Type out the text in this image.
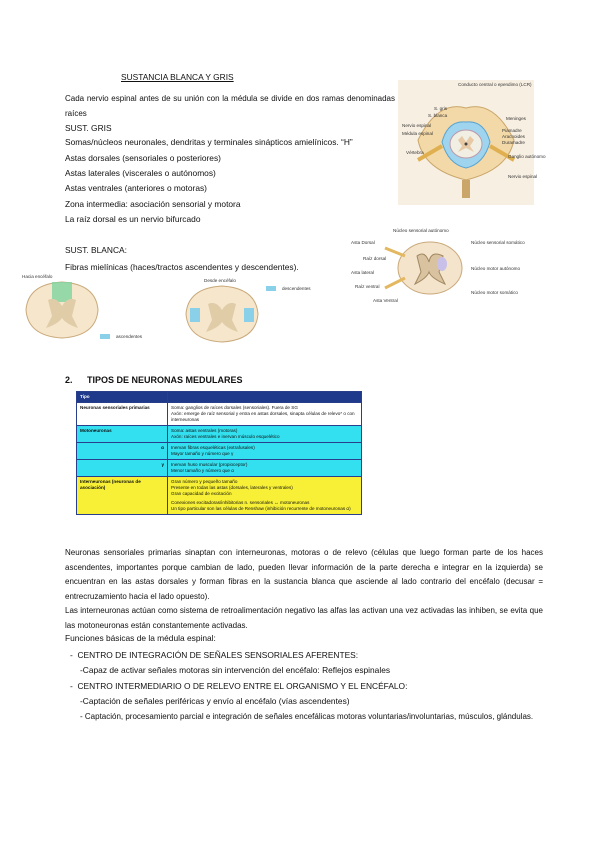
SUSTANCIA BLANCA Y GRIS
Cada nervio espinal antes de su unión con la médula se divide en dos ramas denominadas raíces
SUST. GRIS
Somas/núcleos neuronales, dendritas y terminales sinápticos amielínicos. “H”
Astas dorsales (sensoriales o posteriores)
Astas laterales (viscerales o autónomos)
Astas ventrales (anteriores o motoras)
Zona intermedia: asociación sensorial y motora
La raíz dorsal es un nervio bifurcado
SUST. BLANCA:
Fibras mielínicas (haces/tractos ascendentes y descendentes).
Conducto central o ependimo (LCR)
S. gris
S. blanca
Nervio espinal
Médula espinal
Vértebra
Meninges
Piamadre
Aracnoides
Duramadre
Ganglio autónomo
Nervio espinal
Asta Dorsal
Núcleo sensorial autónomo
Núcleo sensorial somático
Raíz dorsal
Asta lateral
Núcleo motor autónomo
Raíz ventral
Núcleo motor somático
Asta Ventral
Hacia encéfalo
ascendentes
Desde encéfalo
descendentes
2. TIPOS DE NEURONAS MEDULARES
Tipo	
Neuronas sensoriales primarias	Soma: ganglios de raíces dorsales (sensoriales). Fuera de SG
Axón: emerge de raíz sensorial y entra en astas dorsales, sinapta células de relevo* o con interneuronas

Motoneuronas	Soma: astas ventrales (motoras)
Axón: raíces ventrales e inervan músculo esquelético

α	Inervan fibras esqueléticas (extrafusales)
Mayor tamaño y número que γ

γ	Inervan huso muscular (propioceptor)
Menor tamaño y número que α

Interneuronas (neuronas de asociación)	Gran número y pequeño tamaño
Presente en todas las astas (dorsales, laterales y ventrales)
Gran capacidad de excitación
Conexiones excitadoras/inhibitorias n. sensoriales ↔ motoneuronas
Un tipo particular son las células de Renshaw (inhibición recurrente de motoneuronas α)
Neuronas sensoriales primarias sinaptan con interneuronas, motoras o de relevo (células que luego forman parte de los haces ascendentes, importantes porque cambian de lado, pueden llevar información de la parte derecha e integrar en la izquierda) se encuentran en las astas dorsales y forman fibras en la sustancia blanca que asciende al lado contrario del encéfalo (decusar = entrecruzamiento hacia el lado opuesto).
Las interneuronas actúan como sistema de retroalimentación negativo las alfas las activan una vez activadas las inhiben, se evita que las motoneuronas están constantemente activadas.
Funciones básicas de la médula espinal:
-  CENTRO DE INTEGRACIÓN DE SEÑALES SENSORIALES AFERENTES:
-Capaz de activar señales motoras sin intervención del encéfalo: Reflejos espinales
-  CENTRO INTERMEDIARIO O DE RELEVO ENTRE EL ORGANISMO Y EL ENCÉFALO:
-Captación de señales periféricas y envío al encéfalo (vías ascendentes)
- Captación, procesamiento parcial e integración de señales encefálicas motoras voluntarias/involuntarias, músculos, glándulas.
